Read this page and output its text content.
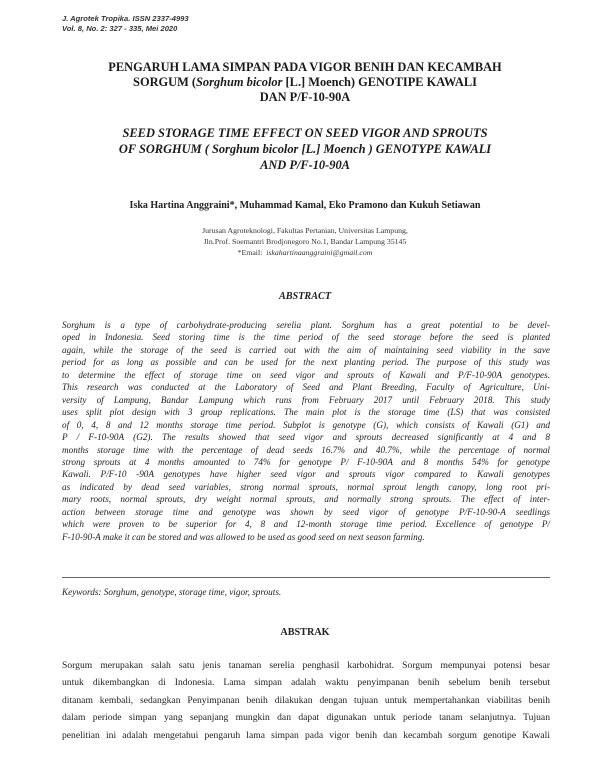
J. Agrotek Tropika. ISSN 2337-4993
Vol. 8, No. 2: 327 - 335, Mei 2020
PENGARUH LAMA SIMPAN PADA VIGOR BENIH DAN KECAMBAH
SORGUM (Sorghum bicolor [L.] Moench) GENOTIPE KAWALI
DAN P/F-10-90A
SEED STORAGE TIME EFFECT ON SEED VIGOR AND SPROUTS
OF SORGHUM ( Sorghum bicolor [L.] Moench ) GENOTYPE KAWALI
AND P/F-10-90A
Iska Hartina Anggraini*, Muhammad Kamal, Eko Pramono dan Kukuh Setiawan
Jurusan Agroteknologi, Fakultas Pertanian, Universitas Lampung,
Jln.Prof. Soemantri Brodjonegoro No.1, Bandar Lampung 35145
*Email: iskahartinaanggraini@gmail.com
ABSTRACT
Sorghum is a type of carbohydrate-producing serelia plant. Sorghum has a great potential to be devel-
oped in Indonesia. Seed storing time is the time period of the seed storage before the seed is planted
again, while the storage of the seed is carried out with the aim of maintaining seed viability in the save
period for as long as possible and can be used for the next planting period. The purpose of this study was
to determine the effect of storage time on seed vigor and sprouts of Kawali and P/F-10-90A genotypes.
This research was conducted at the Laboratory of Seed and Plant Breeding, Faculty of Agriculture, Uni-
versity of Lampung, Bandar Lampung which runs from February 2017 until February 2018. This study
uses split plot design with 3 group replications. The main plot is the storage time (LS) that was consisted
of 0, 4, 8 and 12 months storage time period. Subplot is genotype (G), which consists of Kawali (G1) and
P / F-10-90A (G2). The results showed that seed vigor and sprouts decreased significantly at 4 and 8
months storage time with the percentage of dead seeds 16.7% and 40.7%, while the percentage of normal
strong sprouts at 4 months amounted to 74% for genotype P/ F-10-90A and 8 months 54% for genotype
Kawali. P/F-10 -90A genotypes have higher seed vigor and sprouts vigor compared to Kawali genotypes
as indicated by dead seed variables, strong normal sprouts, normal sprout length canopy, long root pri-
mary roots, normal sprouts, dry weight normal sprouts, and normally strong sprouts. The effect of inter-
action between storage time and genotype was shown by seed vigor of genotype P/F-10-90-A seedlings
which were proven to be superior for 4, 8 and 12-month storage time period. Excellence of genotype P/
F-10-90-A make it can be stored and was allowed to be used as good seed on next season farming.
Keywords: Sorghum, genotype, storage time, vigor, sprouts.
ABSTRAK
Sorgum merupakan salah satu jenis tanaman serelia penghasil karbohidrat. Sorgum mempunyai potensi besar
untuk dikembangkan di Indonesia. Lama simpan adalah waktu penyimpanan benih sebelum benih tersebut
ditanam kembali, sedangkan Penyimpanan benih dilakukan dengan tujuan untuk mempertahankan viabilitas benih
dalam periode simpan yang sepanjang mungkin dan dapat digunakan untuk periode tanam selanjutnya. Tujuan
penelitian ini adalah mengetahui pengaruh lama simpan pada vigor benih dan kecambah sorgum genotipe Kawali
